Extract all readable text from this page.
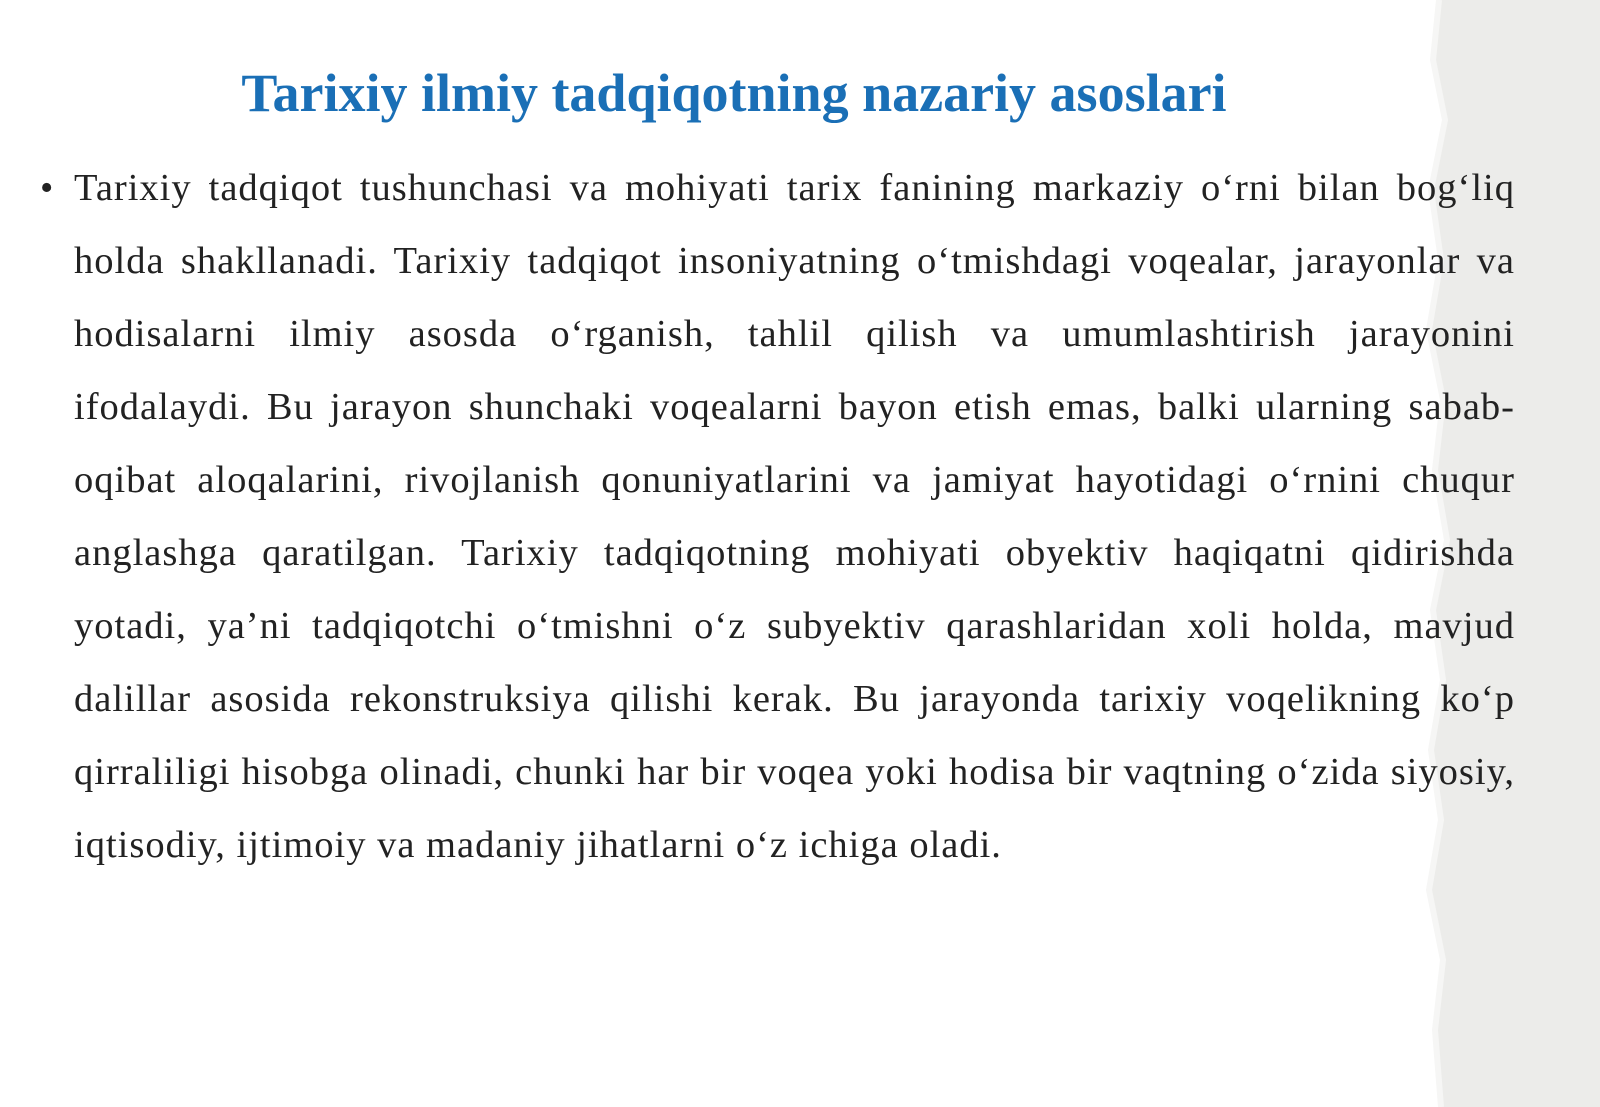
Tarixiy ilmiy tadqiqotning nazariy asoslari
• Tarixiy tadqiqot tushunchasi va mohiyati tarix fanining markaziy o‘rni bilan bog‘liq holda shakllanadi. Tarixiy tadqiqot insoniyatning o‘tmishdagi voqealar, jarayonlar va hodisalarni ilmiy asosda o‘rganish, tahlil qilish va umumlashtirish jarayonini ifodalaydi. Bu jarayon shunchaki voqealarni bayon etish emas, balki ularning sabab-oqibat aloqalarini, rivojlanish qonuniyatlarini va jamiyat hayotidagi o‘rnini chuqur anglashga qaratilgan. Tarixiy tadqiqotning mohiyati obyektiv haqiqatni qidirishda yotadi, ya’ni tadqiqotchi o‘tmishni o‘z subyektiv qarashlaridan xoli holda, mavjud dalillar asosida rekonstruksiya qilishi kerak. Bu jarayonda tarixiy voqelikning ko‘p qirraliligi hisobga olinadi, chunki har bir voqea yoki hodisa bir vaqtning o‘zida siyosiy, iqtisodiy, ijtimoiy va madaniy jihatlarni o‘z ichiga oladi.
